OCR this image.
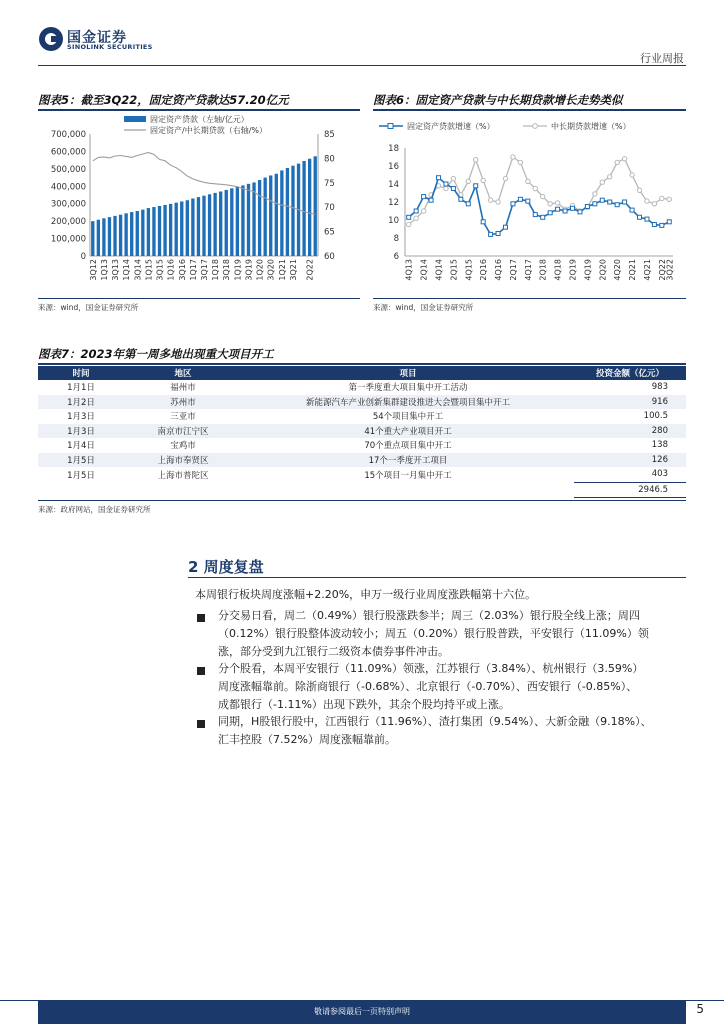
国金证券
SINOLINK SECURITIES
行业周报
图表5：截至3Q22，固定资产贷款达57.20亿元
700,000
600,000
500,000
400,000
300,000
200,000
100,000
0
85
80
75
70
65
60
3Q12 1Q13 3Q13 1Q14 3Q14 1Q15 3Q15 1Q16 3Q16 1Q17 3Q17 1Q18 3Q18 1Q19 3Q19 1Q20 3Q20 1Q21 3Q21 2Q22
固定资产贷款（左轴/亿元）
固定资产/中长期贷款（右轴/%）
来源：wind，国金证券研究所
图表6：固定资产贷款与中长期贷款增长走势类似
18
16
14
12
10
8
6
4Q13 2Q14 4Q14 2Q15 4Q15 2Q16 4Q16 2Q17 4Q17 2Q18 4Q18 2Q19 4Q19 2Q20 4Q20 2Q21 4Q21 2Q22
3Q22
固定资产贷款增速（%）	中长期贷款增速（%）
来源：wind，国金证券研究所
图表7：2023年第一周多地出现重大项目开工
时间	地区	项目	投资金额（亿元）
1月1日	福州市	第一季度重大项目集中开工活动	983
1月2日	苏州市	新能源汽车产业创新集群建设推进大会暨项目集中开工	916
1月3日	三亚市	54个项目集中开工	100.5
1月3日	南京市江宁区	41个重大产业项目开工	280
1月4日	宝鸡市	70个重点项目集中开工	138
1月5日	上海市奉贤区	17个一季度开工项目	126
1月5日	上海市普陀区	15个项目一月集中开工	403
			2946.5
来源：政府网站，国金证券研究所
2 周度复盘
本周银行板块周度涨幅+2.20%，申万一级行业周度涨跌幅第十六位。
分交易日看，周二（0.49%）银行股涨跌参半；周三（2.03%）银行股全线上涨；周四
（0.12%）银行股整体波动较小；周五（0.20%）银行股普跌，平安银行（11.09%）领
涨，部分受到九江银行二级资本债券事件冲击。
分个股看，本周平安银行（11.09%）领涨，江苏银行（3.84%）、杭州银行（3.59%）
周度涨幅靠前。除浙商银行（-0.68%）、北京银行（-0.70%）、西安银行（-0.85%）、
成都银行（-1.11%）出现下跌外，其余个股均持平或上涨。
同期，H股银行股中，江西银行（11.96%）、渣打集团（9.54%）、大新金融（9.18%）、
汇丰控股（7.52%）周度涨幅靠前。
敬请参阅最后一页特别声明	5
